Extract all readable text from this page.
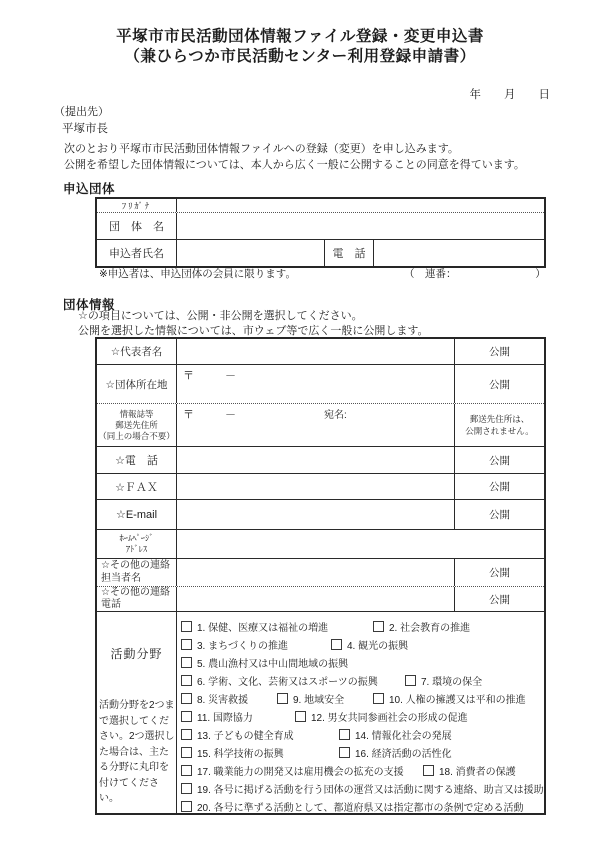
平塚市市民活動団体情報ファイル登録・変更申込書
（兼ひらつか市民活動センター利用登録申請書）
年　　月　　日
（提出先）
平塚市長
次のとおり平塚市市民活動団体情報ファイルへの登録（変更）を申し込みます。
公開を希望した団体情報については、本人から広く一般に公開することの同意を得ています。
申込団体
ﾌﾘｶﾞﾅ
団　体　名
申込者氏名	電　話
※申込者は、申込団体の会員に限ります。	（　連番：　　　　　　　　）
団体情報
☆の項目については、公開・非公開を選択してください。
公開を選択した情報については、市ウェブ等で広く一般に公開します。
☆代表者名	公開
☆団体所在地
〒	－
公開
情報誌等
郵送先住所
（同上の場合不要）
〒	－	宛名:	郵送先住所は、
公開されません。
☆電　話	公開
☆ＦＡＸ	公開
☆E-mail	公開
ﾎｰﾑﾍﾟｰｼﾞ
ｱﾄﾞﾚｽ
☆その他の連絡
担当者名	公開
☆その他の連絡
電話	公開
活動分野
活動分野を2つまで選択してください。2つ選択した場合は、主たる分野に丸印を付けてください。
1. 保健、医療又は福祉の増進	2. 社会教育の推進
3. まちづくりの推進	4. 観光の振興
5. 農山漁村又は中山間地域の振興
6. 学術、文化、芸術又はスポーツの振興	7. 環境の保全
8. 災害救援	9. 地域安全	10. 人権の擁護又は平和の推進
11. 国際協力	12. 男女共同参画社会の形成の促進
13. 子どもの健全育成	14. 情報化社会の発展
15. 科学技術の振興	16. 経済活動の活性化
17. 職業能力の開発又は雇用機会の拡充の支援	18. 消費者の保護
19. 各号に掲げる活動を行う団体の運営又は活動に関する連絡、助言又は援助
20. 各号に準ずる活動として、都道府県又は指定都市の条例で定める活動
